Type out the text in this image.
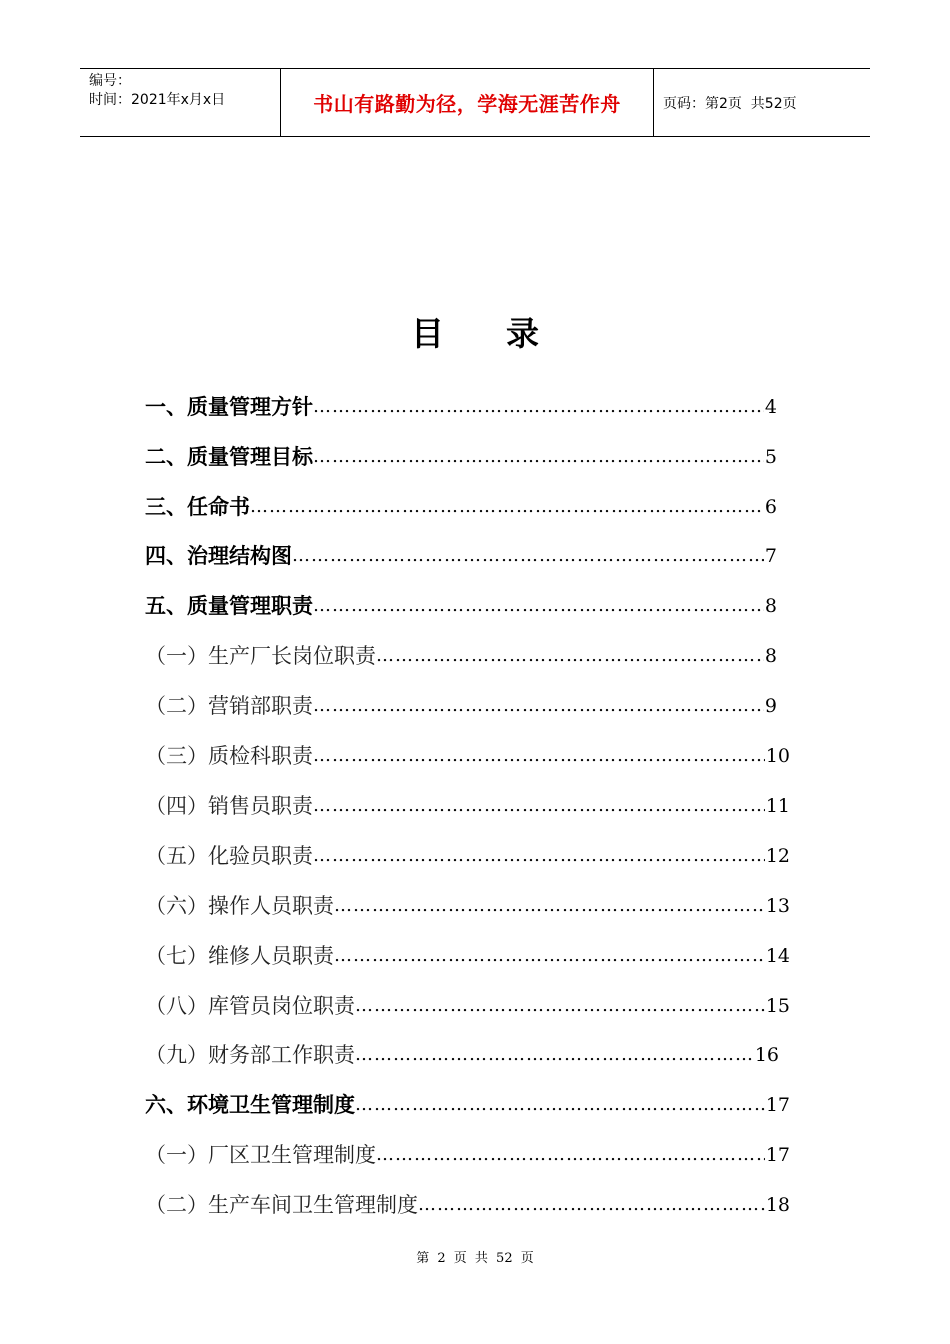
编号：
时间：2021年x月x日	书山有路勤为径，学海无涯苦作舟	页码：第2页  共52页
目 录
一、质量管理方针 ……………………………………………………………………………………………………………………………………………………	4
二、质量管理目标 ……………………………………………………………………………………………………………………………………………………	5
三、任命书 ……………………………………………………………………………………………………………………………………………………	6
四、治理结构图 ……………………………………………………………………………………………………………………………………………………	7
五、质量管理职责 ……………………………………………………………………………………………………………………………………………………	8
（一）生产厂长岗位职责 ……………………………………………………………………………………………………………………………………………………	8
（二）营销部职责 ……………………………………………………………………………………………………………………………………………………	9
（三）质检科职责 ……………………………………………………………………………………………………………………………………………………	10
（四）销售员职责 ……………………………………………………………………………………………………………………………………………………	11
（五）化验员职责 ……………………………………………………………………………………………………………………………………………………	12
（六）操作人员职责 ……………………………………………………………………………………………………………………………………………………	13
（七）维修人员职责 ……………………………………………………………………………………………………………………………………………………	14
（八）库管员岗位职责 ……………………………………………………………………………………………………………………………………………………	15
（九）财务部工作职责 ……………………………………………………………………………………………………………………………………………………	16
六、环境卫生管理制度 ……………………………………………………………………………………………………………………………………………………	17
（一）厂区卫生管理制度 ……………………………………………………………………………………………………………………………………………………	17
（二）生产车间卫生管理制度 ……………………………………………………………………………………………………………………………………………………	18
第 2 页 共 52 页
